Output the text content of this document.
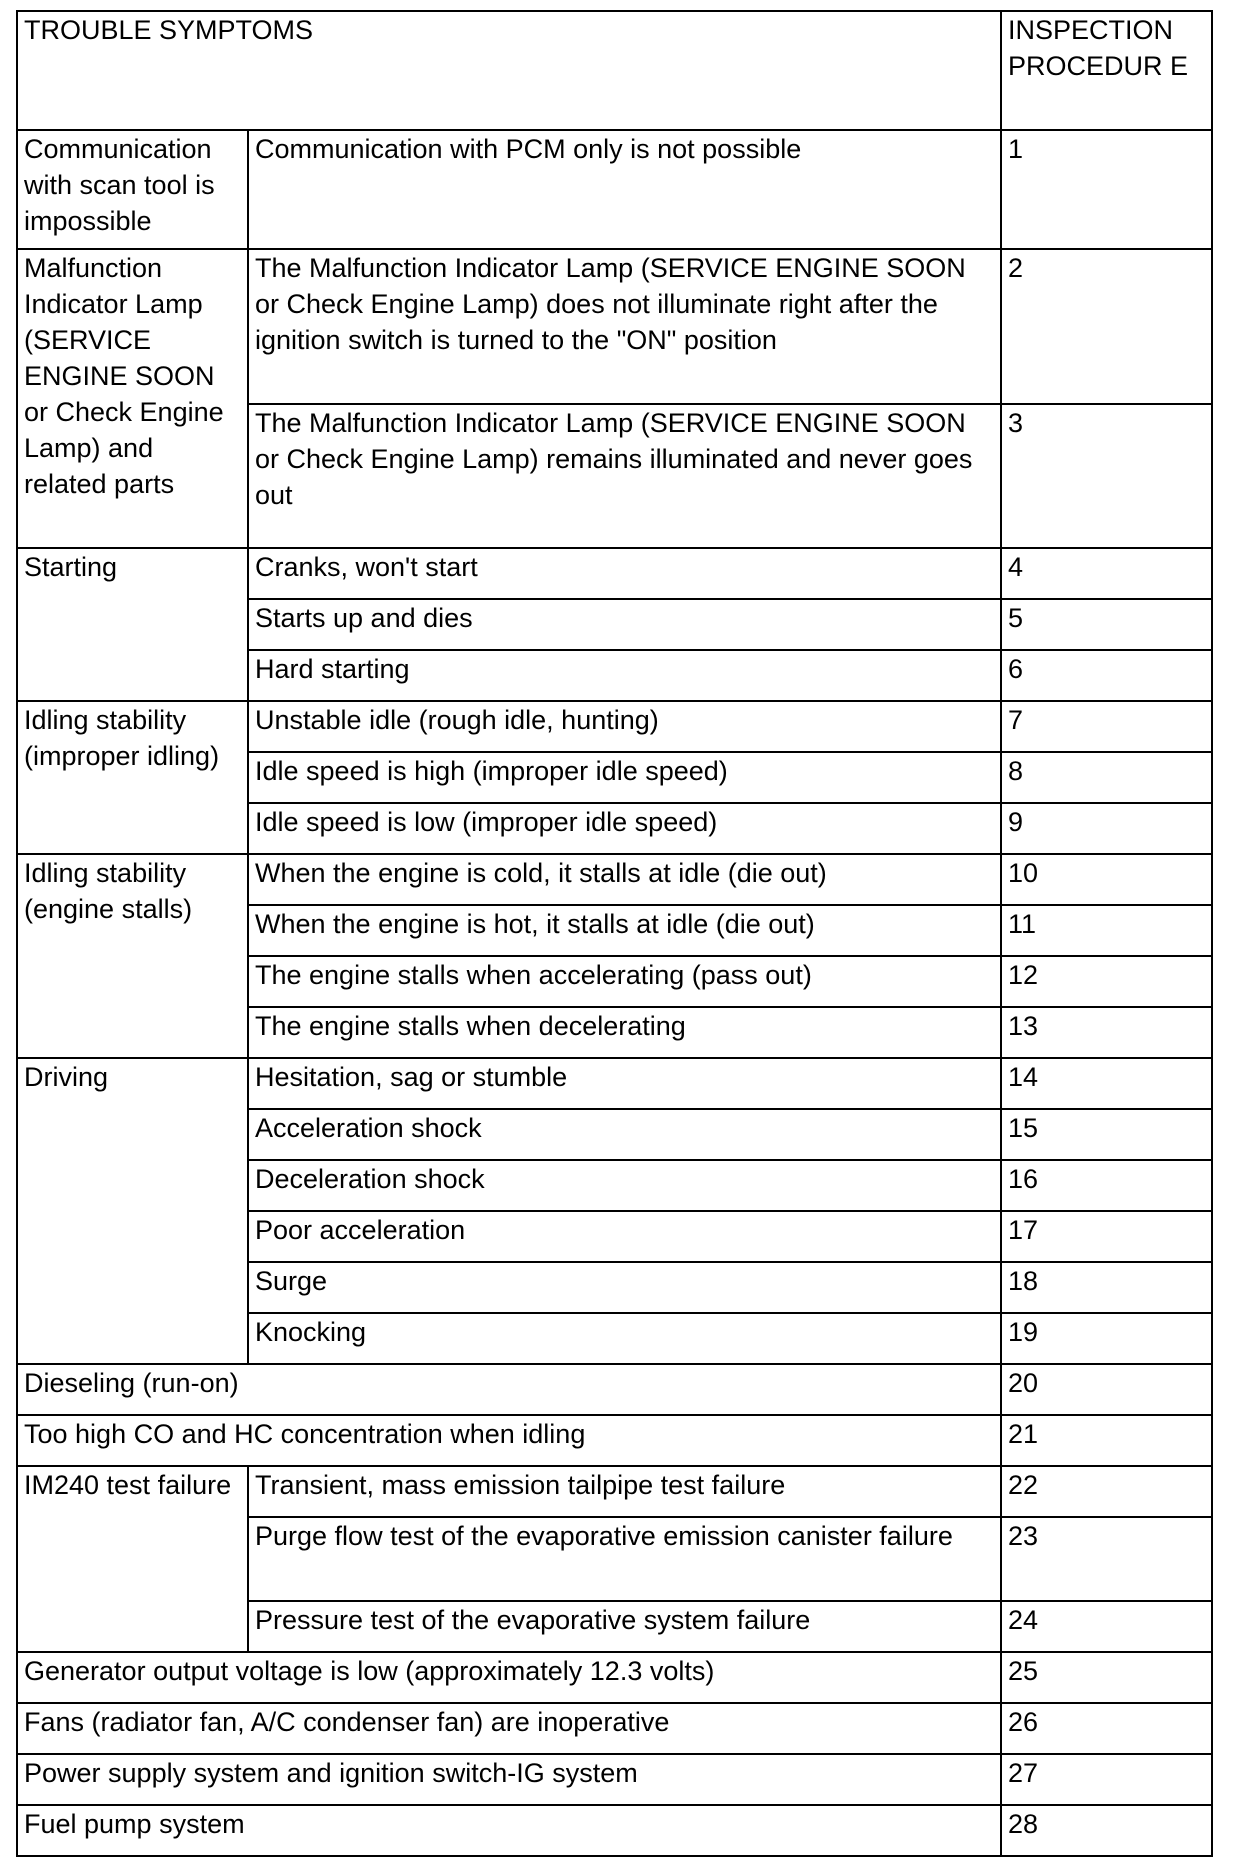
TROUBLE SYMPTOMS		INSPECTION PROCEDUR E
Communication with scan tool is impossible	Communication with PCM only is not possible	1
Malfunction Indicator Lamp (SERVICE ENGINE SOON or Check Engine Lamp) and related parts	The Malfunction Indicator Lamp (SERVICE ENGINE SOON or Check Engine Lamp) does not illuminate right after the ignition switch is turned to the "ON" position	2
	The Malfunction Indicator Lamp (SERVICE ENGINE SOON or Check Engine Lamp) remains illuminated and never goes out	3
Starting	Cranks, won't start	4
	Starts up and dies	5
	Hard starting	6
Idling stability (improper idling)	Unstable idle (rough idle, hunting)	7
	Idle speed is high (improper idle speed)	8
	Idle speed is low (improper idle speed)	9
Idling stability (engine stalls)	When the engine is cold, it stalls at idle (die out)	10
	When the engine is hot, it stalls at idle (die out)	11
	The engine stalls when accelerating (pass out)	12
	The engine stalls when decelerating	13
Driving	Hesitation, sag or stumble	14
	Acceleration shock	15
	Deceleration shock	16
	Poor acceleration	17
	Surge	18
	Knocking	19
Dieseling (run-on)		20
Too high CO and HC concentration when idling		21
IM240 test failure	Transient, mass emission tailpipe test failure	22
	Purge flow test of the evaporative emission canister failure	23
	Pressure test of the evaporative system failure	24
Generator output voltage is low (approximately 12.3 volts)		25
Fans (radiator fan, A/C condenser fan) are inoperative		26
Power supply system and ignition switch-IG system		27
Fuel pump system		28
